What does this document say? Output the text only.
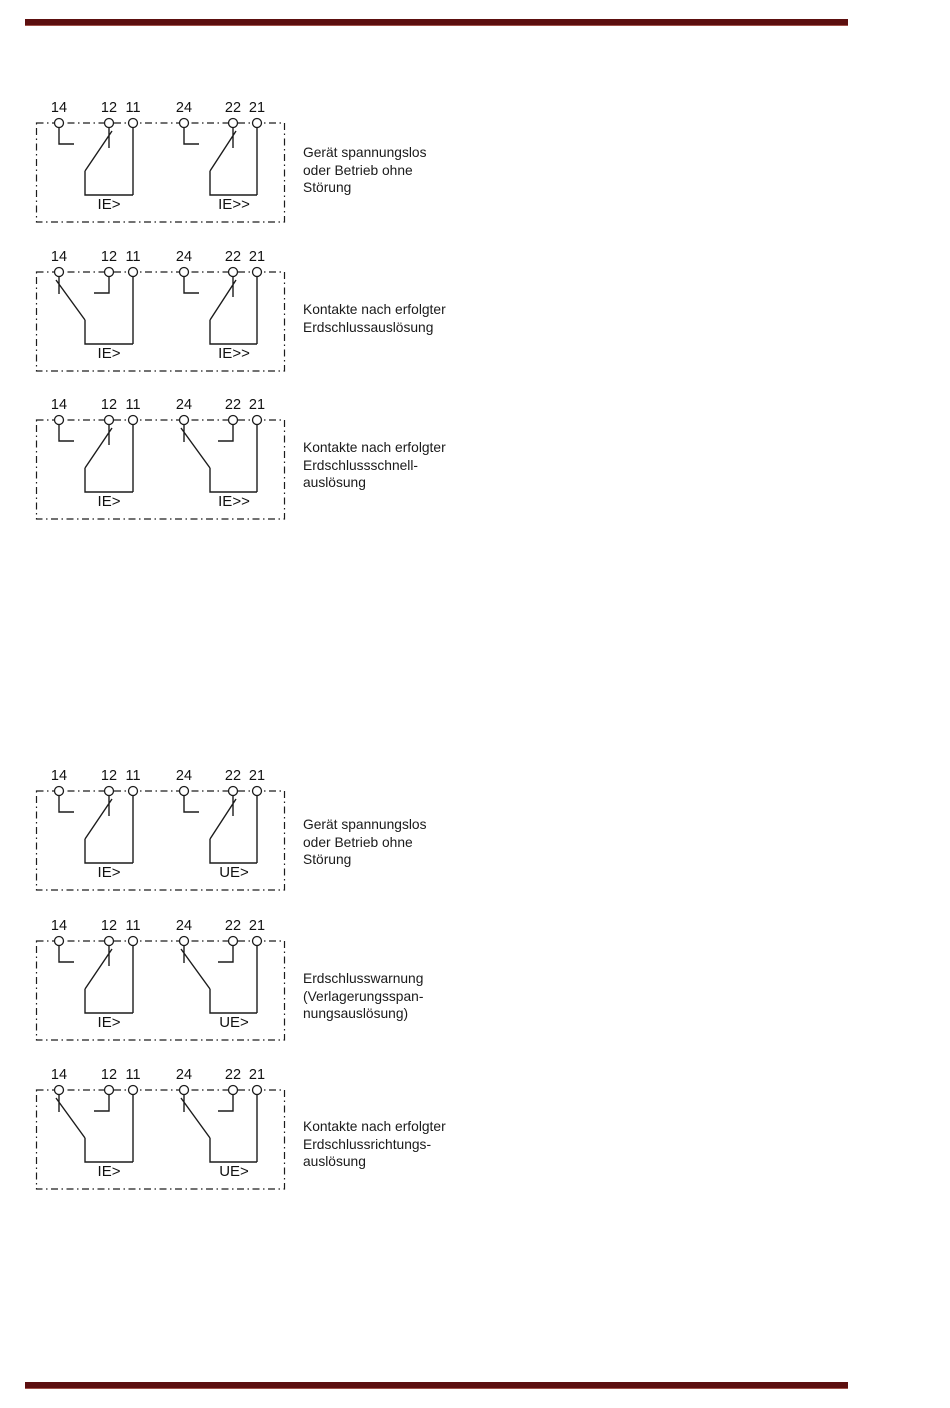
14 12 11 24 22 21
IE>	IE>>
Gerät spannungslos
oder Betrieb ohne
Störung
14 12 11 24 22 21
IE>	IE>>
Kontakte nach erfolgter
Erdschlussauslösung
14 12 11 24 22 21
IE>	IE>>
Kontakte nach erfolgter
Erdschlussschnell-
auslösung
14 12 11 24 22 21
IE>	UE>
Gerät spannungslos
oder Betrieb ohne
Störung
14 12 11 24 22 21
IE>	UE>
Erdschlusswarnung
(Verlagerungsspan-
nungsauslösung)
14 12 11 24 22 21
IE>	UE>
Kontakte nach erfolgter
Erdschlussrichtungs-
auslösung
